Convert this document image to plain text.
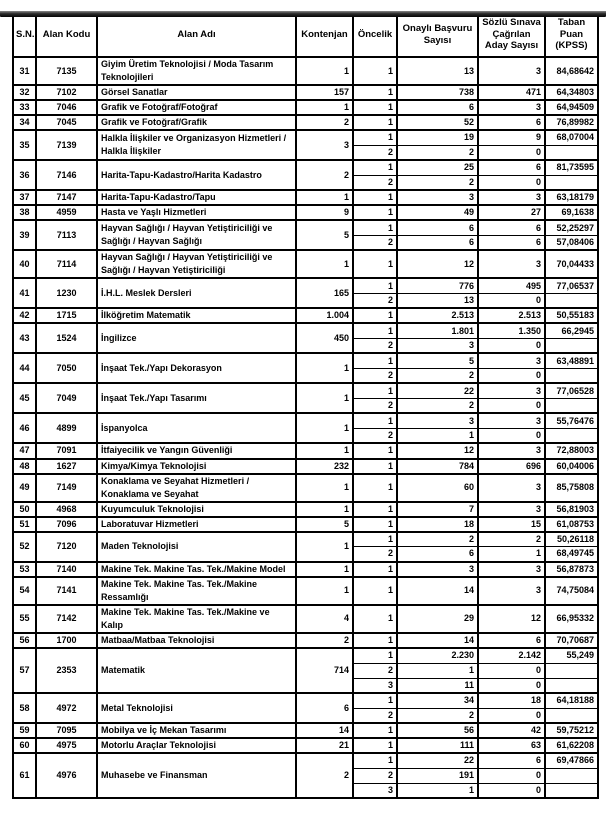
S.N.	Alan Kodu	Alan Adı	Kontenjan	Öncelik	Onaylı Başvuru Sayısı	Sözlü Sınava Çağrılan Aday Sayısı	Taban Puan (KPSS)
31	7135	Giyim Üretim Teknolojisi / Moda Tasarım Teknolojileri	1	1	13	3	84,68642
32	7102	Görsel Sanatlar	157	1	738	471	64,34803
33	7046	Grafik ve Fotoğraf/Fotoğraf	1	1	6	3	64,94509
34	7045	Grafik ve Fotoğraf/Grafik	2	1	52	6	76,89982
35	7139	Halkla İlişkiler ve Organizasyon Hizmetleri / Halkla İlişkiler	3	1	19	9	68,07004
				2	2	0	
36	7146	Harita-Tapu-Kadastro/Harita Kadastro	2	1	25	6	81,73595
				2	2	0	
37	7147	Harita-Tapu-Kadastro/Tapu	1	1	3	3	63,18179
38	4959	Hasta ve Yaşlı Hizmetleri	9	1	49	27	69,1638
39	7113	Hayvan Sağlığı / Hayvan Yetiştiriciliği ve Sağlığı / Hayvan Sağlığı	5	1	6	6	52,25297
				2	6	6	57,08406
40	7114	Hayvan Sağlığı / Hayvan Yetiştiriciliği ve Sağlığı / Hayvan Yetiştiriciliği	1	1	12	3	70,04433
41	1230	İ.H.L. Meslek Dersleri	165	1	776	495	77,06537
				2	13	0	
42	1715	İlköğretim Matematik	1.004	1	2.513	2.513	50,55183
43	1524	İngilizce	450	1	1.801	1.350	66,2945
				2	3	0	
44	7050	İnşaat Tek./Yapı Dekorasyon	1	1	5	3	63,48891
				2	2	0	
45	7049	İnşaat Tek./Yapı Tasarımı	1	1	22	3	77,06528
				2	2	0	
46	4899	İspanyolca	1	1	3	3	55,76476
				2	1	0	
47	7091	İtfaiyecilik ve Yangın Güvenliği	1	1	12	3	72,88003
48	1627	Kimya/Kimya Teknolojisi	232	1	784	696	60,04006
49	7149	Konaklama ve Seyahat Hizmetleri / Konaklama ve Seyahat	1	1	60	3	85,75808
50	4968	Kuyumculuk Teknolojisi	1	1	7	3	56,81903
51	7096	Laboratuvar Hizmetleri	5	1	18	15	61,08753
52	7120	Maden Teknolojisi	1	1	2	2	50,26118
				2	6	1	68,49745
53	7140	Makine Tek. Makine Tas. Tek./Makine Model	1	1	3	3	56,87873
54	7141	Makine Tek. Makine Tas. Tek./Makine Ressamlığı	1	1	14	3	74,75084
55	7142	Makine Tek. Makine Tas. Tek./Makine ve Kalıp	4	1	29	12	66,95332
56	1700	Matbaa/Matbaa Teknolojisi	2	1	14	6	70,70687
57	2353	Matematik	714	1	2.230	2.142	55,249
				2	1	0	
				3	11	0	
58	4972	Metal Teknolojisi	6	1	34	18	64,18188
				2	2	0	
59	7095	Mobilya ve İç Mekan Tasarımı	14	1	56	42	59,75212
60	4975	Motorlu Araçlar Teknolojisi	21	1	111	63	61,62208
61	4976	Muhasebe ve Finansman	2	1	22	6	69,47866
				2	191	0	
				3	1	0	
